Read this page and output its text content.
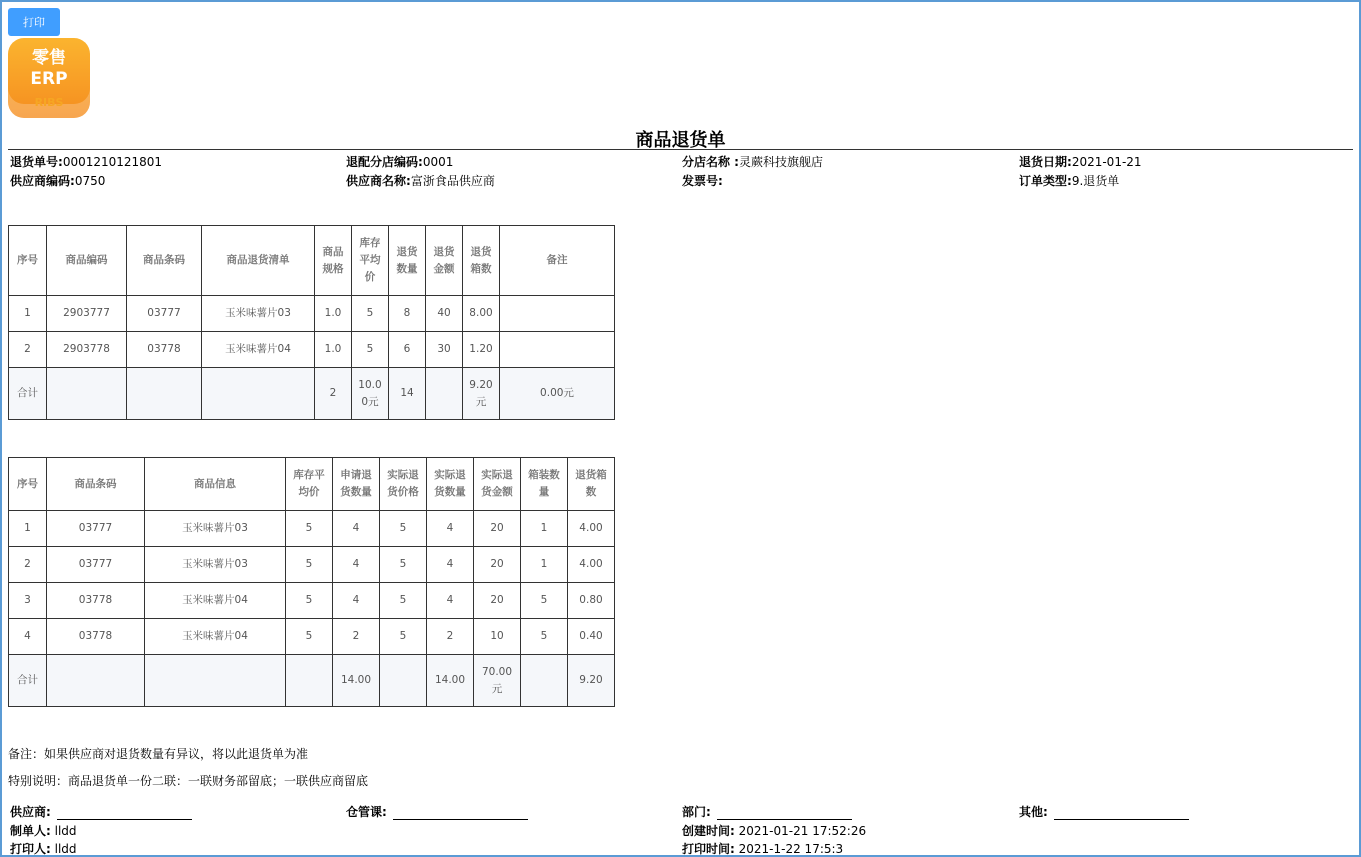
打印
零售
ERP
RIBS
商品退货单
退货单号:0001210121801	退配分店编码:0001	分店名称 :灵蕨科技旗舰店	退货日期:2021-01-21
供应商编码:0750	供应商名称:富浙食品供应商	发票号:	订单类型:9.退货单
序号	商品编码	商品条码	商品退货清单	商品规格	库存平均价	退货数量	退货金额	退货箱数	备注
1	2903777	03777	玉米味薯片03	1.0	5	8	40	8.00	
2	2903778	03778	玉米味薯片04	1.0	5	6	30	1.20	
合计				2	10.00元	14		9.20元	0.00元
序号	商品条码	商品信息	库存平均价	申请退货数量	实际退货价格	实际退货数量	实际退货金额	箱装数量	退货箱数
1	03777	玉米味薯片03	5	4	5	4	20	1	4.00
2	03777	玉米味薯片03	5	4	5	4	20	1	4.00
3	03778	玉米味薯片04	5	4	5	4	20	5	0.80
4	03778	玉米味薯片04	5	2	5	2	10	5	0.40
合计				14.00		14.00	70.00元		9.20
备注：如果供应商对退货数量有异议，将以此退货单为准
特别说明：商品退货单一份二联：一联财务部留底；一联供应商留底
供应商:	仓管课:	部门:	其他:
制单人: lldd	创建时间: 2021-01-21 17:52:26
打印人: lldd	打印时间: 2021-1-22 17:5:3
